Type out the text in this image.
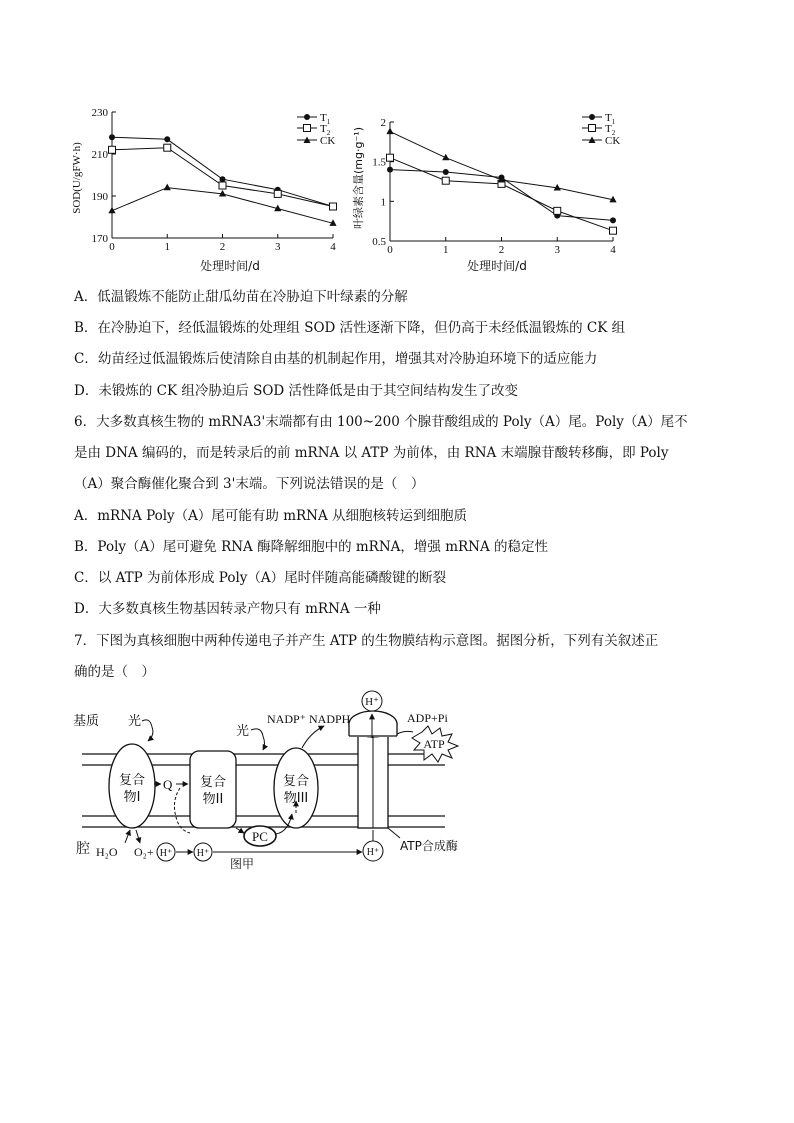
170
190
210
230
0	1	2	3	4
SOD(U/gFW·h)
处理时间/d
$T_1$
$T_2$
CK
0.5
1
1.5
2
0	1	2	3	4
叶绿素含量(mg·g⁻¹)
处理时间/d
$T_1$
$T_2$
CK
A．低温锻炼不能防止甜瓜幼苗在冷胁迫下叶绿素的分解
B．在冷胁迫下，经低温锻炼的处理组 SOD 活性逐渐下降，但仍高于未经低温锻炼的 CK 组
C．幼苗经过低温锻炼后使清除自由基的机制起作用，增强其对冷胁迫环境下的适应能力
D．未锻炼的 CK 组冷胁迫后 SOD 活性降低是由于其空间结构发生了改变
6．大多数真核生物的 mRNA3'末端都有由 100~200 个腺苷酸组成的 Poly（A）尾。Poly（A）尾不
是由 DNA 编码的，而是转录后的前 mRNA 以 ATP 为前体，由 RNA 末端腺苷酸转移酶，即 Poly
（A）聚合酶催化聚合到 3'末端。下列说法错误的是（　）
A．mRNA Poly（A）尾可能有助 mRNA 从细胞核转运到细胞质
B．Poly（A）尾可避免 RNA 酶降解细胞中的 mRNA，增强 mRNA 的稳定性
C．以 ATP 为前体形成 Poly（A）尾时伴随高能磷酸键的断裂
D．大多数真核生物基因转录产物只有 mRNA 一种
7．下图为真核细胞中两种传递电子并产生 ATP 的生物膜结构示意图。据图分析，下列有关叙述正
确的是（　）
复合
物I
复合
物II
复合
物III
基质
腔
光
光
Q
PC
NADP⁺ NADPH
H⁺
ADP+Pi
ATP
H₂O O₂+ H⁺ H⁺	H⁺ ATP合成酶
图甲
